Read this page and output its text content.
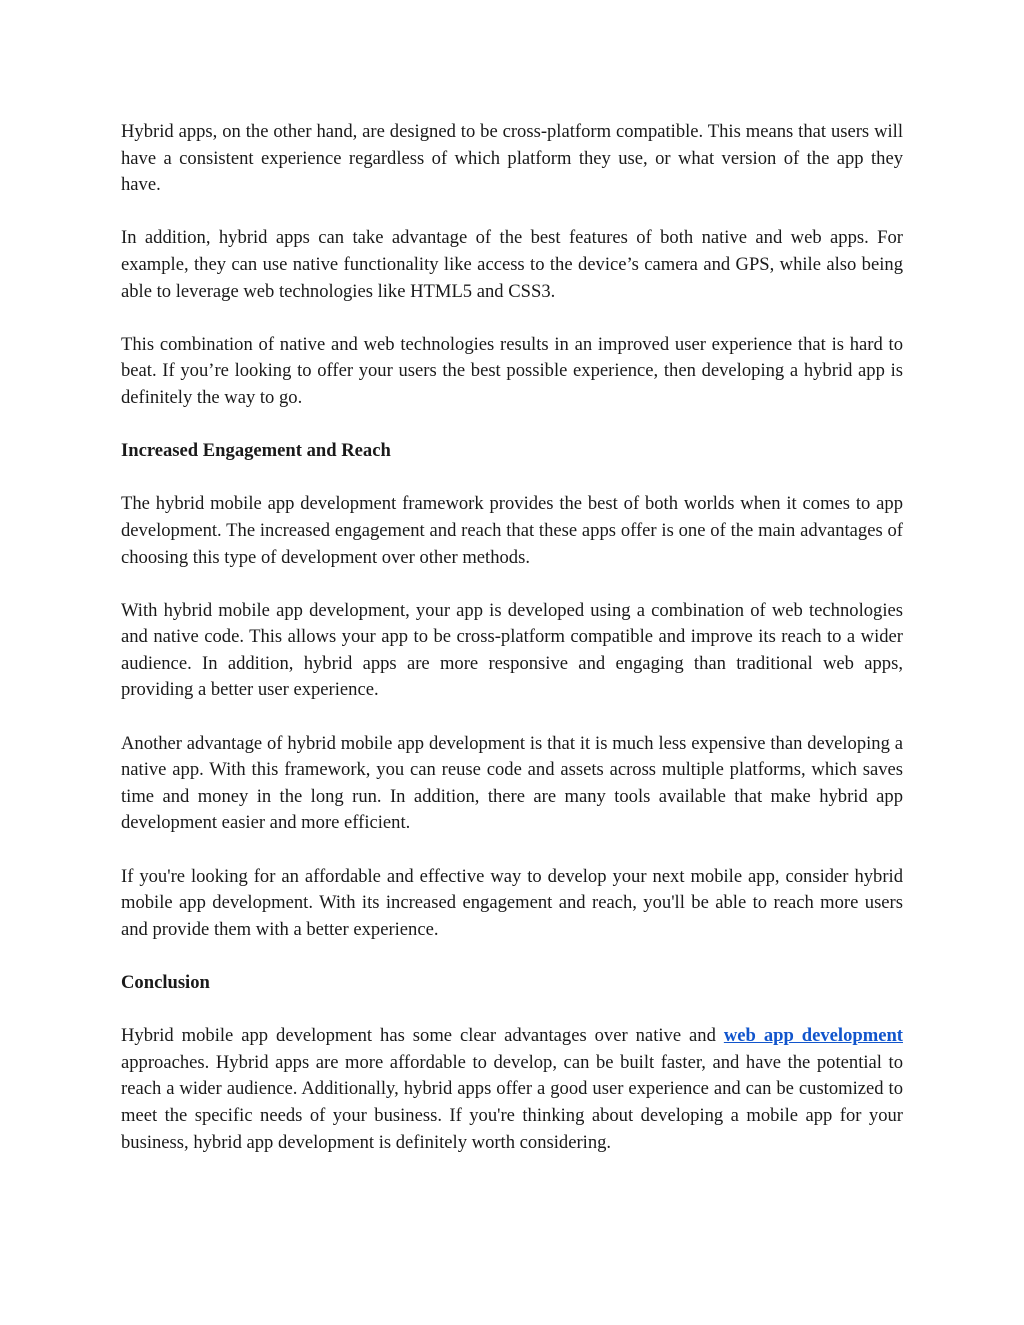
Hybrid apps, on the other hand, are designed to be cross-platform compatible. This means that users will have a consistent experience regardless of which platform they use, or what version of the app they have.

In addition, hybrid apps can take advantage of the best features of both native and web apps. For example, they can use native functionality like access to the device’s camera and GPS, while also being able to leverage web technologies like HTML5 and CSS3.

This combination of native and web technologies results in an improved user experience that is hard to beat. If you’re looking to offer your users the best possible experience, then developing a hybrid app is definitely the way to go.

Increased Engagement and Reach

The hybrid mobile app development framework provides the best of both worlds when it comes to app development. The increased engagement and reach that these apps offer is one of the main advantages of choosing this type of development over other methods.

With hybrid mobile app development, your app is developed using a combination of web technologies and native code. This allows your app to be cross-platform compatible and improve its reach to a wider audience. In addition, hybrid apps are more responsive and engaging than traditional web apps, providing a better user experience.

Another advantage of hybrid mobile app development is that it is much less expensive than developing a native app. With this framework, you can reuse code and assets across multiple platforms, which saves time and money in the long run. In addition, there are many tools available that make hybrid app development easier and more efficient.

If you're looking for an affordable and effective way to develop your next mobile app, consider hybrid mobile app development. With its increased engagement and reach, you'll be able to reach more users and provide them with a better experience.

Conclusion

Hybrid mobile app development has some clear advantages over native and web app development approaches. Hybrid apps are more affordable to develop, can be built faster, and have the potential to reach a wider audience. Additionally, hybrid apps offer a good user experience and can be customized to meet the specific needs of your business. If you're thinking about developing a mobile app for your business, hybrid app development is definitely worth considering.
